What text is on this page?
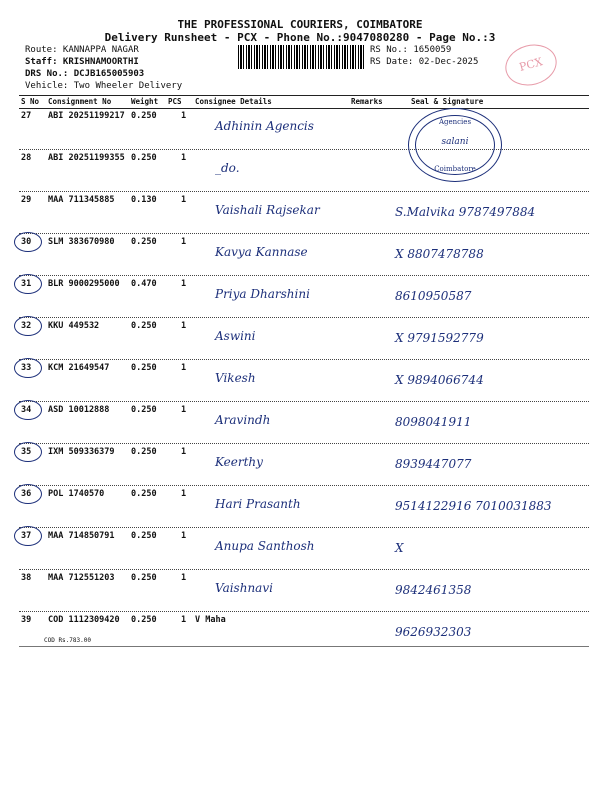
THE PROFESSIONAL COURIERS, COIMBATORE
Delivery Runsheet - PCX - Phone No.:9047080280 - Page No.:3
Route: KANNAPPA NAGAR
Staff: KRISHNAMOORTHI
DRS No.: DCJB165005903
Vehicle: Two Wheeler Delivery
RS No.: 1650059
RS Date: 02-Dec-2025	PCX
S No Consignment No	Weight PCS Consignee Details	Remarks	Seal & Signature
27 ABI 20251199217 0.250	1
Adhinin Agencis
28 ABI 20251199355 0.250	1
_do.
29 MAA 711345885 0.130	1
Vaishali Rajsekar	S.Malvika 9787497884
30 SLM 383670980 0.250	1
Kavya Kannase	X 8807478788
31 BLR 9000295000 0.470	1
Priya Dharshini	8610950587
32 KKU 449532	0.250	1
Aswini	X 9791592779
33 KCM 21649547	0.250	1
Vikesh	X 9894066744
34 ASD 10012888	0.250	1
Aravindh	8098041911
35 IXM 509336379 0.250	1
Keerthy	8939447077
36 POL 1740570	0.250	1
Hari Prasanth	9514122916 7010031883
37 MAA 714850791 0.250	1
Anupa Santhosh	X
38 MAA 712551203 0.250	1
Vaishnavi	9842461358
39 COD 1112309420 0.250	1 V Maha
9626932303
Agencies
salani
Coimbatore
COD Rs.783.00
